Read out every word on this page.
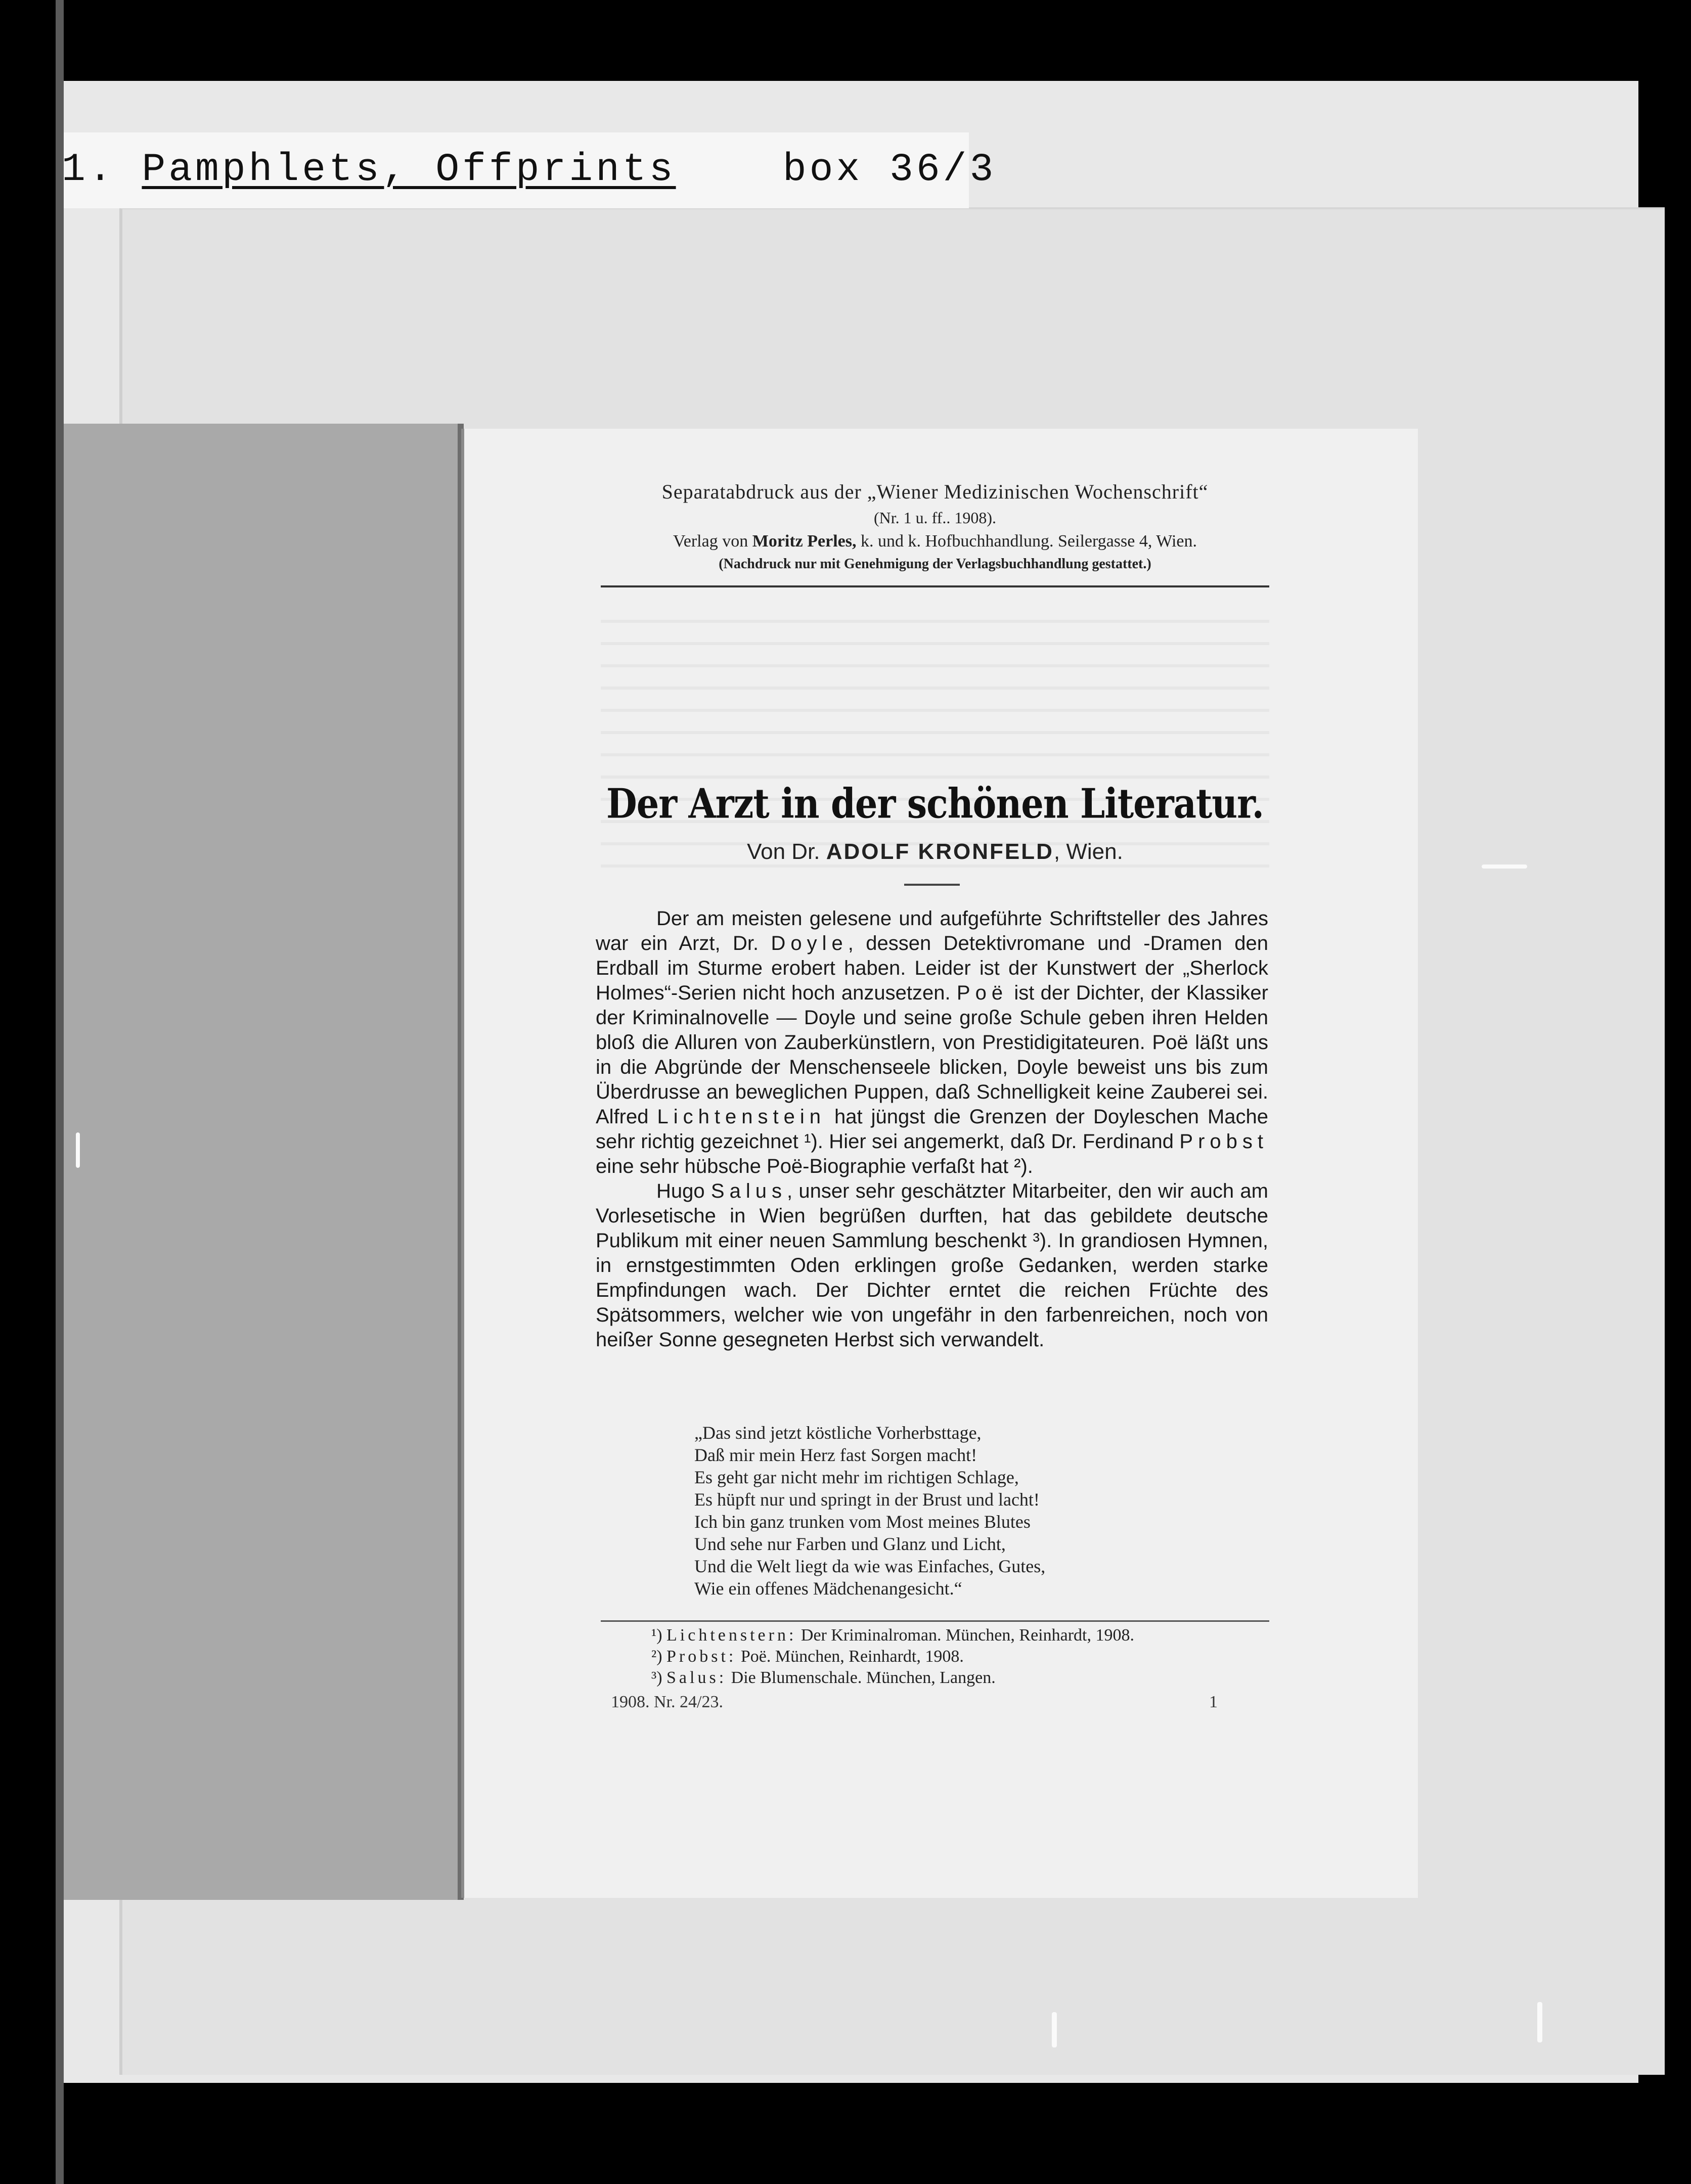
1. Pamphlets, Offprints	box 36/3
Separatabdruck aus der „Wiener Medizinischen Wochenschrift“
(Nr. 1 u. ff.. 1908).
Verlag von Moritz Perles, k. und k. Hofbuchhandlung. Seilergasse 4, Wien.
(Nachdruck nur mit Genehmigung der Verlagsbuchhandlung gestattet.)
Der Arzt in der schönen Literatur.
Von Dr. ADOLF KRONFELD, Wien.

Der am meisten gelesene und aufgeführte Schriftsteller des Jahres war ein Arzt, Dr. Doyle, dessen Detektivromane und -Dramen den Erdball im Sturme erobert haben. Leider ist der Kunstwert der „Sherlock Holmes“-Serien nicht hoch anzusetzen. Poë ist der Dichter, der Klassiker der Kriminalnovelle — Doyle und seine große Schule geben ihren Helden bloß die Alluren von Zauberkünstlern, von Prestidigitateuren. Poë läßt uns in die Abgründe der Menschenseele blicken, Doyle beweist uns bis zum Überdrusse an beweglichen Puppen, daß Schnelligkeit keine Zauberei sei. Alfred Lichtenstein hat jüngst die Grenzen der Doyleschen Mache sehr richtig gezeichnet ¹). Hier sei angemerkt, daß Dr. Ferdinand Probst eine sehr hübsche Poë-Biographie verfaßt hat ²).

Hugo Salus, unser sehr geschätzter Mitarbeiter, den wir auch am Vorlesetische in Wien begrüßen durften, hat das gebildete deutsche Publikum mit einer neuen Sammlung beschenkt ³). In grandiosen Hymnen, in ernstgestimmten Oden erklingen große Gedanken, werden starke Empfindungen wach. Der Dichter erntet die reichen Früchte des Spätsommers, welcher wie von ungefähr in den farbenreichen, noch von heißer Sonne gesegneten Herbst sich verwandelt.

„Das sind jetzt köstliche Vorherbsttage,
Daß mir mein Herz fast Sorgen macht!
Es geht gar nicht mehr im richtigen Schlage,
Es hüpft nur und springt in der Brust und lacht!
Ich bin ganz trunken vom Most meines Blutes
Und sehe nur Farben und Glanz und Licht,
Und die Welt liegt da wie was Einfaches, Gutes,
Wie ein offenes Mädchenangesicht.“
¹) Lichtenstern: Der Kriminalroman. München, Reinhardt, 1908.
²) Probst: Poë. München, Reinhardt, 1908.
³) Salus: Die Blumenschale. München, Langen.
1908. Nr. 24/23.	1
